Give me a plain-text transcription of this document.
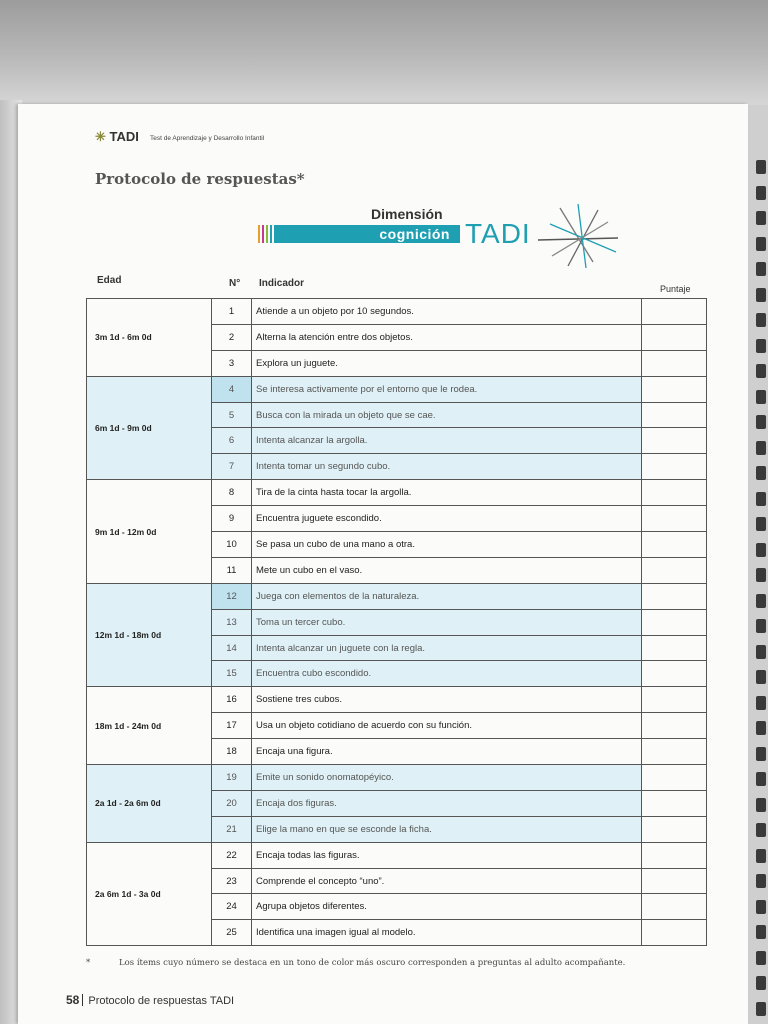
✳ TADI Test de Aprendizaje y Desarrollo Infantil
Protocolo de respuestas*
Dimensión
cognición TADI
Edad	N° Indicador	Puntaje
3m 1d - 6m 0d	1	Atiende a un objeto por 10 segundos.	
	2	Alterna la atención entre dos objetos.	
	3	Explora un juguete.	
6m 1d - 9m 0d	4	Se interesa activamente por el entorno que le rodea.	
	5	Busca con la mirada un objeto que se cae.	
	6	Intenta alcanzar la argolla.	
	7	Intenta tomar un segundo cubo.	
9m 1d - 12m 0d	8	Tira de la cinta hasta tocar la argolla.	
	9	Encuentra juguete escondido.	
	10	Se pasa un cubo de una mano a otra.	
	11	Mete un cubo en el vaso.	
12m 1d - 18m 0d	12	Juega con elementos de la naturaleza.	
	13	Toma un tercer cubo.	
	14	Intenta alcanzar un juguete con la regla.	
	15	Encuentra cubo escondido.	
18m 1d - 24m 0d	16	Sostiene tres cubos.	
	17	Usa un objeto cotidiano de acuerdo con su función.	
	18	Encaja una figura.	
2a 1d - 2a 6m 0d	19	Emite un sonido onomatopéyico.	
	20	Encaja dos figuras.	
	21	Elige la mano en que se esconde la ficha.	
2a 6m 1d - 3a 0d	22	Encaja todas las figuras.	
	23	Comprende el concepto “uno”.	
	24	Agrupa objetos diferentes.	
	25	Identifica una imagen igual al modelo.	
*	Los ítems cuyo número se destaca en un tono de color más oscuro corresponden a preguntas al adulto acompañante.
58 Protocolo de respuestas TADI
